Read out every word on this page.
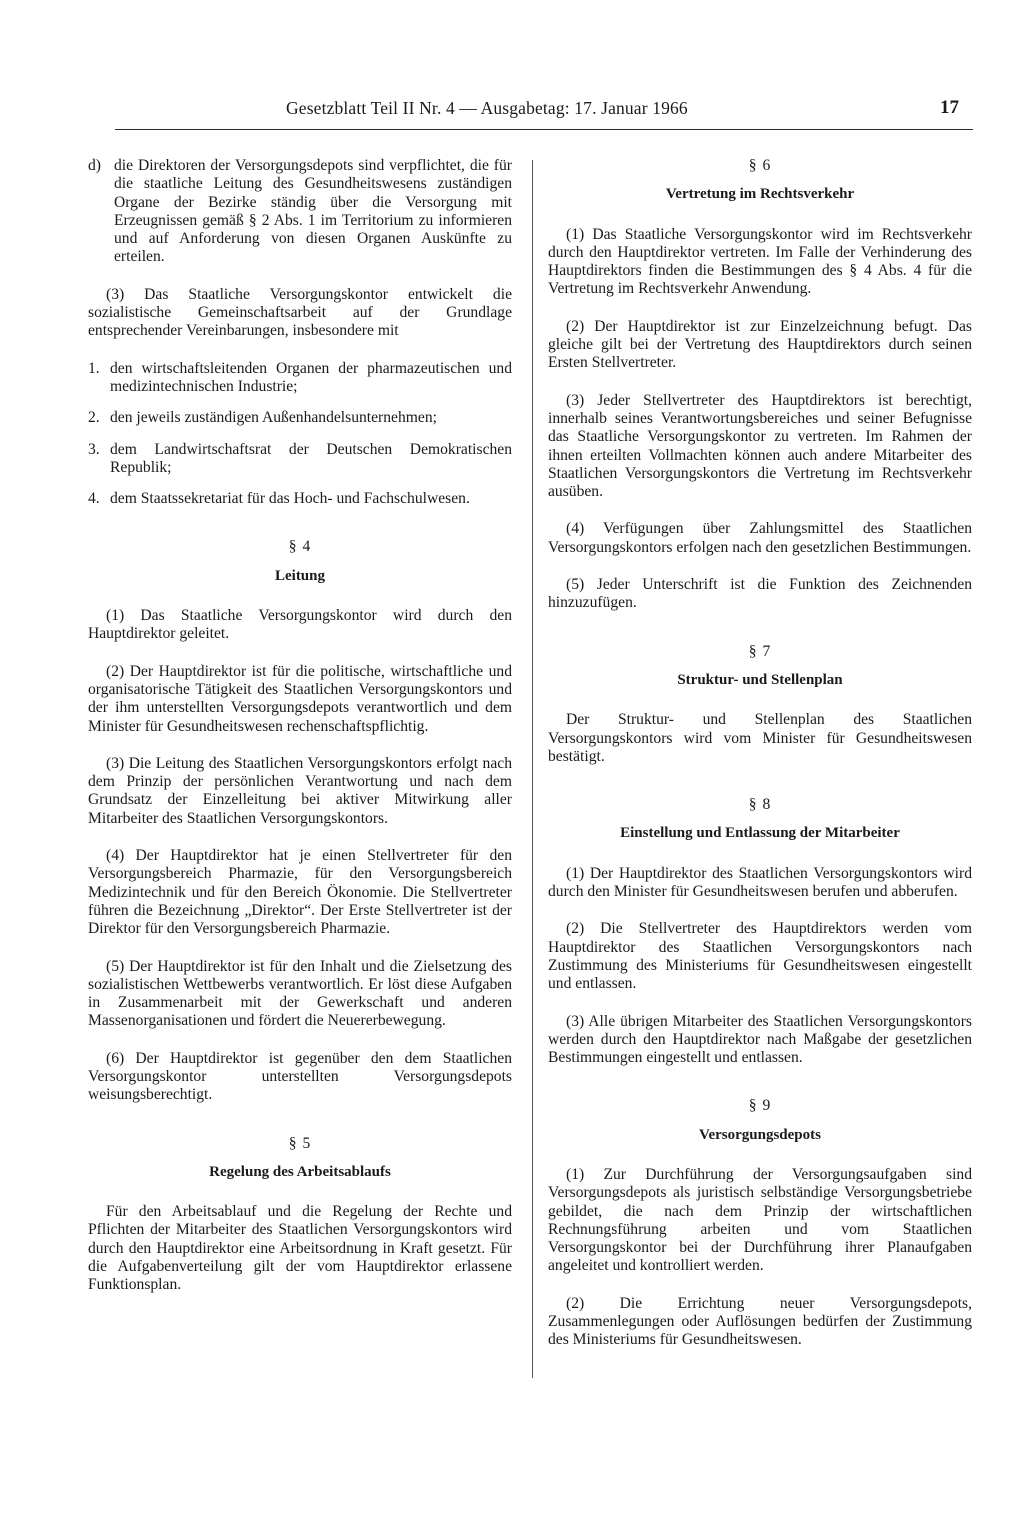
Gesetzblatt Teil II Nr. 4 — Ausgabetag: 17. Januar 1966	17
d) die Direktoren der Versorgungsdepots sind verpflichtet, die für die staatliche Leitung des Gesundheitswesens zuständigen Organe der Bezirke ständig über die Versorgung mit Erzeugnissen gemäß § 2 Abs. 1 im Territorium zu informieren und auf Anforderung von diesen Organen Auskünfte zu erteilen.

(3) Das Staatliche Versorgungskontor entwickelt die sozialistische Gemeinschaftsarbeit auf der Grundlage entsprechender Vereinbarungen, insbesondere mit

1. den wirtschaftsleitenden Organen der pharmazeutischen und medizintechnischen Industrie;
2. den jeweils zuständigen Außenhandelsunternehmen;
3. dem Landwirtschaftsrat der Deutschen Demokratischen Republik;
4. dem Staatssekretariat für das Hoch- und Fachschulwesen.
§ 4
Leitung

(1) Das Staatliche Versorgungskontor wird durch den Hauptdirektor geleitet.

(2) Der Hauptdirektor ist für die politische, wirtschaftliche und organisatorische Tätigkeit des Staatlichen Versorgungskontors und der ihm unterstellten Versorgungsdepots verantwortlich und dem Minister für Gesundheitswesen rechenschaftspflichtig.

(3) Die Leitung des Staatlichen Versorgungskontors erfolgt nach dem Prinzip der persönlichen Verantwortung und nach dem Grundsatz der Einzelleitung bei aktiver Mitwirkung aller Mitarbeiter des Staatlichen Versorgungskontors.

(4) Der Hauptdirektor hat je einen Stellvertreter für den Versorgungsbereich Pharmazie, für den Versorgungsbereich Medizintechnik und für den Bereich Ökonomie. Die Stellvertreter führen die Bezeichnung „Direktor“. Der Erste Stellvertreter ist der Direktor für den Versorgungsbereich Pharmazie.

(5) Der Hauptdirektor ist für den Inhalt und die Zielsetzung des sozialistischen Wettbewerbs verantwortlich. Er löst diese Aufgaben in Zusammenarbeit mit der Gewerkschaft und anderen Massenorganisationen und fördert die Neuererbewegung.

(6) Der Hauptdirektor ist gegenüber den dem Staatlichen Versorgungskontor unterstellten Versorgungsdepots weisungsberechtigt.

§ 5
Regelung des Arbeitsablaufs

Für den Arbeitsablauf und die Regelung der Rechte und Pflichten der Mitarbeiter des Staatlichen Versorgungskontors wird durch den Hauptdirektor eine Arbeitsordnung in Kraft gesetzt. Für die Aufgabenverteilung gilt der vom Hauptdirektor erlassene Funktionsplan.

§ 6
Vertretung im Rechtsverkehr

(1) Das Staatliche Versorgungskontor wird im Rechtsverkehr durch den Hauptdirektor vertreten. Im Falle der Verhinderung des Hauptdirektors finden die Bestimmungen des § 4 Abs. 4 für die Vertretung im Rechtsverkehr Anwendung.

(2) Der Hauptdirektor ist zur Einzelzeichnung befugt. Das gleiche gilt bei der Vertretung des Hauptdirektors durch seinen Ersten Stellvertreter.

(3) Jeder Stellvertreter des Hauptdirektors ist berechtigt, innerhalb seines Verantwortungsbereiches und seiner Befugnisse das Staatliche Versorgungskontor zu vertreten. Im Rahmen der ihnen erteilten Vollmachten können auch andere Mitarbeiter des Staatlichen Versorgungskontors die Vertretung im Rechtsverkehr ausüben.

(4) Verfügungen über Zahlungsmittel des Staatlichen Versorgungskontors erfolgen nach den gesetzlichen Bestimmungen.

(5) Jeder Unterschrift ist die Funktion des Zeichnenden hinzuzufügen.

§ 7
Struktur- und Stellenplan

Der Struktur- und Stellenplan des Staatlichen Versorgungskontors wird vom Minister für Gesundheitswesen bestätigt.

§ 8
Einstellung und Entlassung der Mitarbeiter

(1) Der Hauptdirektor des Staatlichen Versorgungskontors wird durch den Minister für Gesundheitswesen berufen und abberufen.

(2) Die Stellvertreter des Hauptdirektors werden vom Hauptdirektor des Staatlichen Versorgungskontors nach Zustimmung des Ministeriums für Gesundheitswesen eingestellt und entlassen.

(3) Alle übrigen Mitarbeiter des Staatlichen Versorgungskontors werden durch den Hauptdirektor nach Maßgabe der gesetzlichen Bestimmungen eingestellt und entlassen.

§ 9
Versorgungsdepots

(1) Zur Durchführung der Versorgungsaufgaben sind Versorgungsdepots als juristisch selbständige Versorgungsbetriebe gebildet, die nach dem Prinzip der wirtschaftlichen Rechnungsführung arbeiten und vom Staatlichen Versorgungskontor bei der Durchführung ihrer Planaufgaben angeleitet und kontrolliert werden.

(2) Die Errichtung neuer Versorgungsdepots, Zusammenlegungen oder Auflösungen bedürfen der Zustimmung des Ministeriums für Gesundheitswesen.
